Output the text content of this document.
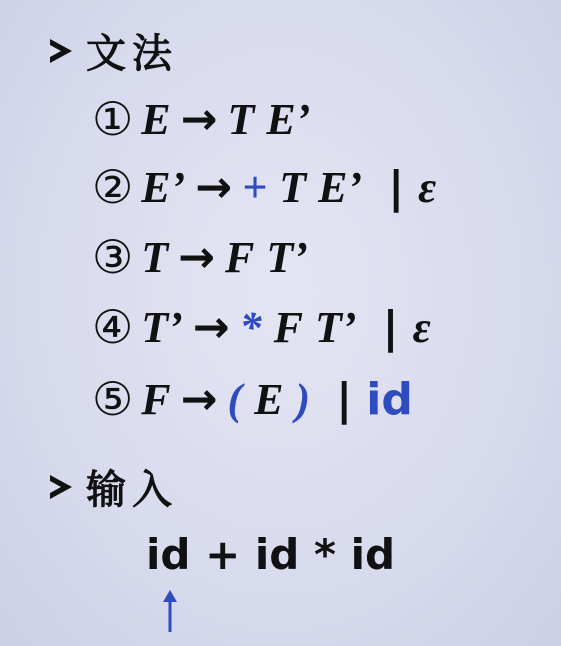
文法
① E → T E’
② E’ → + T E’ | ε
③ T → F T’
④ T’ → * F T’ | ε
⑤ F → ( E ) | id
输入
id + id * id
